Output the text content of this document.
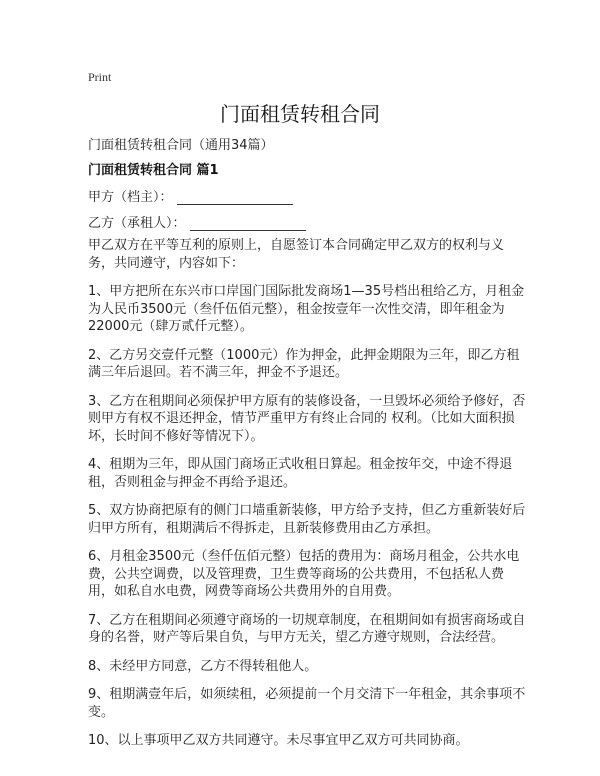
Print
门面租赁转租合同
门面租赁转租合同（通用34篇）
门面租赁转租合同 篇1
甲方（档主）：
乙方（承租人）：

甲乙双方在平等互利的原则上，自愿签订本合同确定甲乙双方的权利与义务，共同遵守，内容如下：

1、甲方把所在东兴市口岸国门国际批发商场1—35号档出租给乙方，月租金为人民币3500元（叁仟伍佰元整），租金按壹年一次性交清，即年租金为22000元（肆万贰仟元整）。

2、乙方另交壹仟元整（1000元）作为押金，此押金期限为三年，即乙方租满三年后退回。若不满三年，押金不予退还。

3、乙方在租期间必须保护甲方原有的装修设备，一旦毁坏必须给予修好，否则甲方有权不退还押金，情节严重甲方有终止合同的 权利。（比如大面积损坏，长时间不修好等情况下）。

4、租期为三年，即从国门商场正式收租日算起。租金按年交，中途不得退租，否则租金与押金不再给予退还。

5、双方协商把原有的侧门口墙重新装修，甲方给予支持，但乙方重新装好后归甲方所有，租期满后不得拆走，且新装修费用由乙方承担。

6、月租金3500元（叁仟伍佰元整）包括的费用为：商场月租金，公共水电费，公共空调费，以及管理费，卫生费等商场的公共费用，不包括私人费用，如私自水电费，网费等商场公共费用外的自用费。

7、乙方在租期间必须遵守商场的一切规章制度，在租期间如有损害商场或自身的名誉，财产等后果自负，与甲方无关，望乙方遵守规则，合法经营。

8、未经甲方同意，乙方不得转租他人。

9、租期满壹年后，如须续租，必须提前一个月交清下一年租金，其余事项不变。

10、以上事项甲乙双方共同遵守。未尽事宜甲乙双方可共同协商。
